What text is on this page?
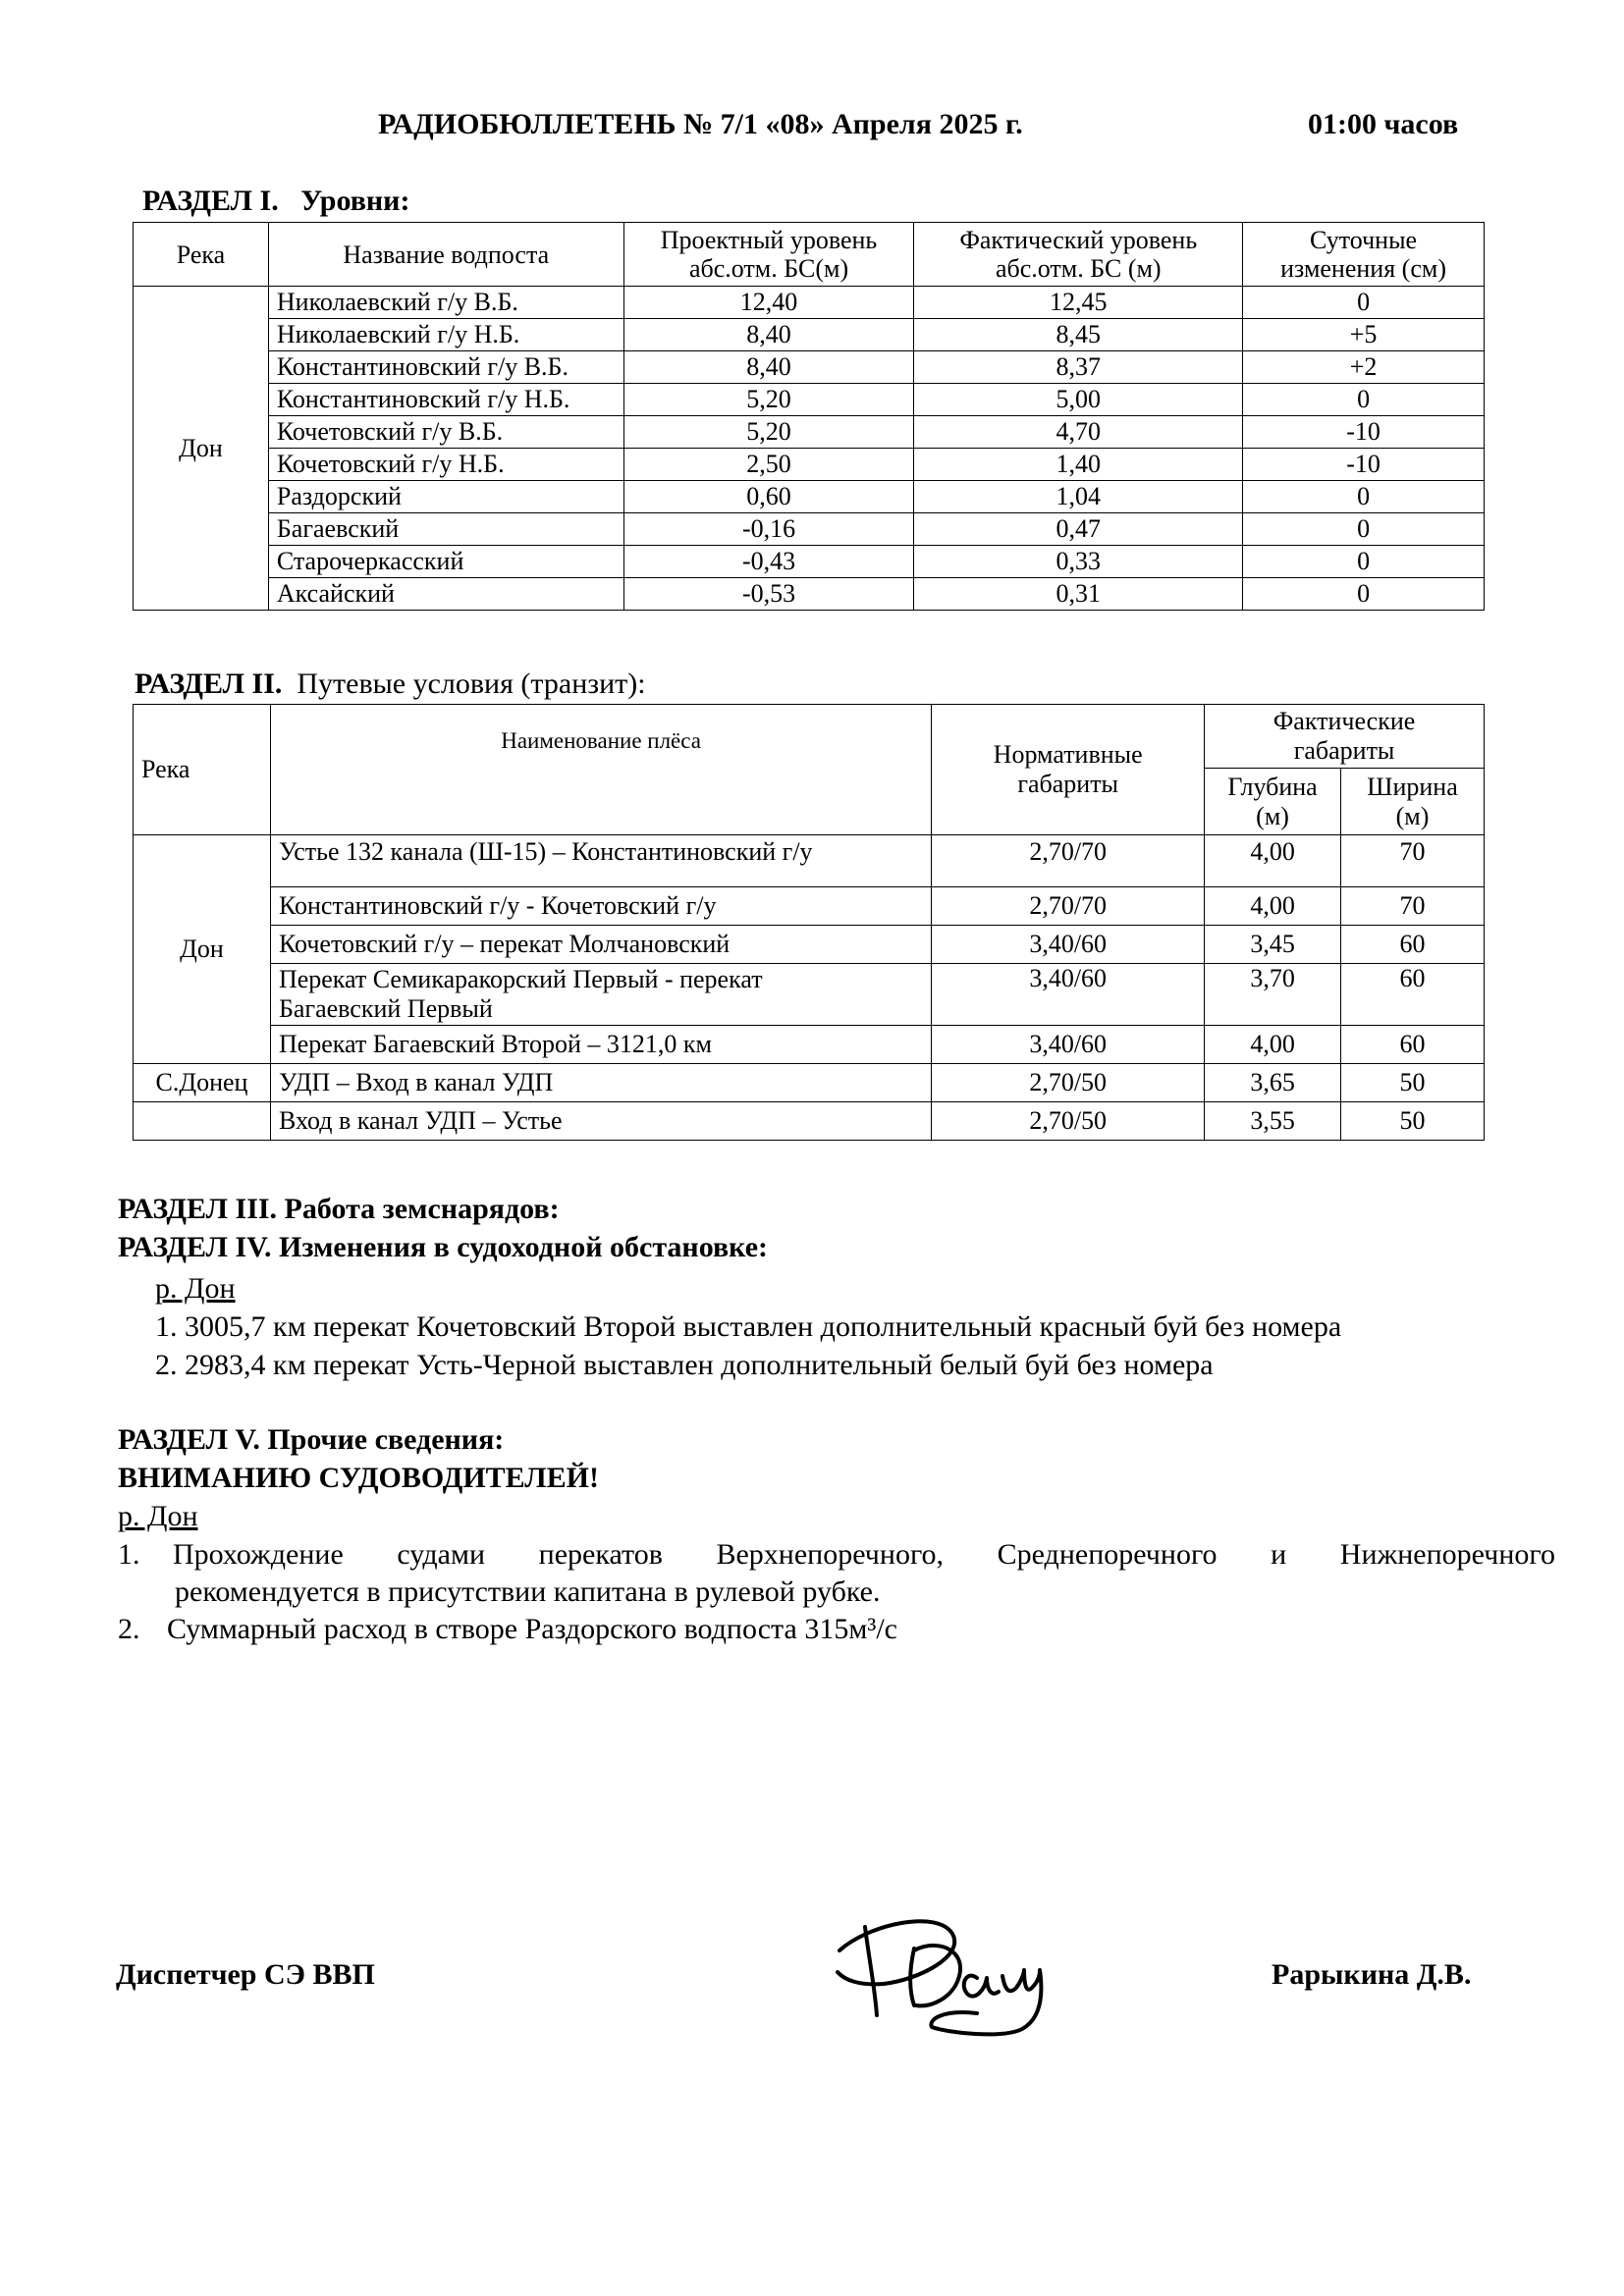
РАДИОБЮЛЛЕТЕНЬ № 7/1 «08» Апреля 2025 г.	01:00 часов
РАЗДЕЛ I. Уровни:
Река	Название водпоста	Проектный уровень
абс.отм. БС(м)	Фактический уровень
абс.отм. БС (м)	Суточные
изменения (см)
Дон	Николаевский г/у В.Б.	12,40	12,45	0
	Николаевский г/у Н.Б.	8,40	8,45	+5
	Константиновский г/у В.Б.	8,40	8,37	+2
	Константиновский г/у Н.Б.	5,20	5,00	0
	Кочетовский г/у В.Б.	5,20	4,70	-10
	Кочетовский г/у Н.Б.	2,50	1,40	-10
	Раздорский	0,60	1,04	0
	Багаевский	-0,16	0,47	0
	Старочеркасский	-0,43	0,33	0
	Аксайский	-0,53	0,31	0
РАЗДЕЛ II. Путевые условия (транзит):
Река	Наименование плёса	Нормативные
габариты	Фактические
габариты	
			Глубина
(м)	Ширина
(м)
Дон	Устье 132 канала (Ш-15) – Константиновский г/у	2,70/70	4,00	70
	Константиновский г/у - Кочетовский г/у	2,70/70	4,00	70
	Кочетовский г/у – перекат Молчановский	3,40/60	3,45	60
	Перекат Семикаракорский Первый - перекат
Багаевский Первый	3,40/60	3,70	60
	Перекат Багаевский Второй – 3121,0 км	3,40/60	4,00	60
С.Донец	УДП – Вход в канал УДП	2,70/50	3,65	50
	Вход в канал УДП – Устье	2,70/50	3,55	50
РАЗДЕЛ III. Работа земснарядов:
РАЗДЕЛ IV. Изменения в судоходной обстановке:
р. Дон
1. 3005,7 км перекат Кочетовский Второй выставлен дополнительный красный буй без номера
2. 2983,4 км перекат Усть-Черной выставлен дополнительный белый буй без номера
РАЗДЕЛ V. Прочие сведения:
ВНИМАНИЮ СУДОВОДИТЕЛЕЙ!
р. Дон
1. Прохождение судами перекатов Верхнепоречного, Среднепоречного и Нижнепоречного
рекомендуется в присутствии капитана в рулевой рубке.
2. Суммарный расход в створе Раздорского водпоста 315м³/с
Диспетчер СЭ ВВП	Рарыкина Д.В.
